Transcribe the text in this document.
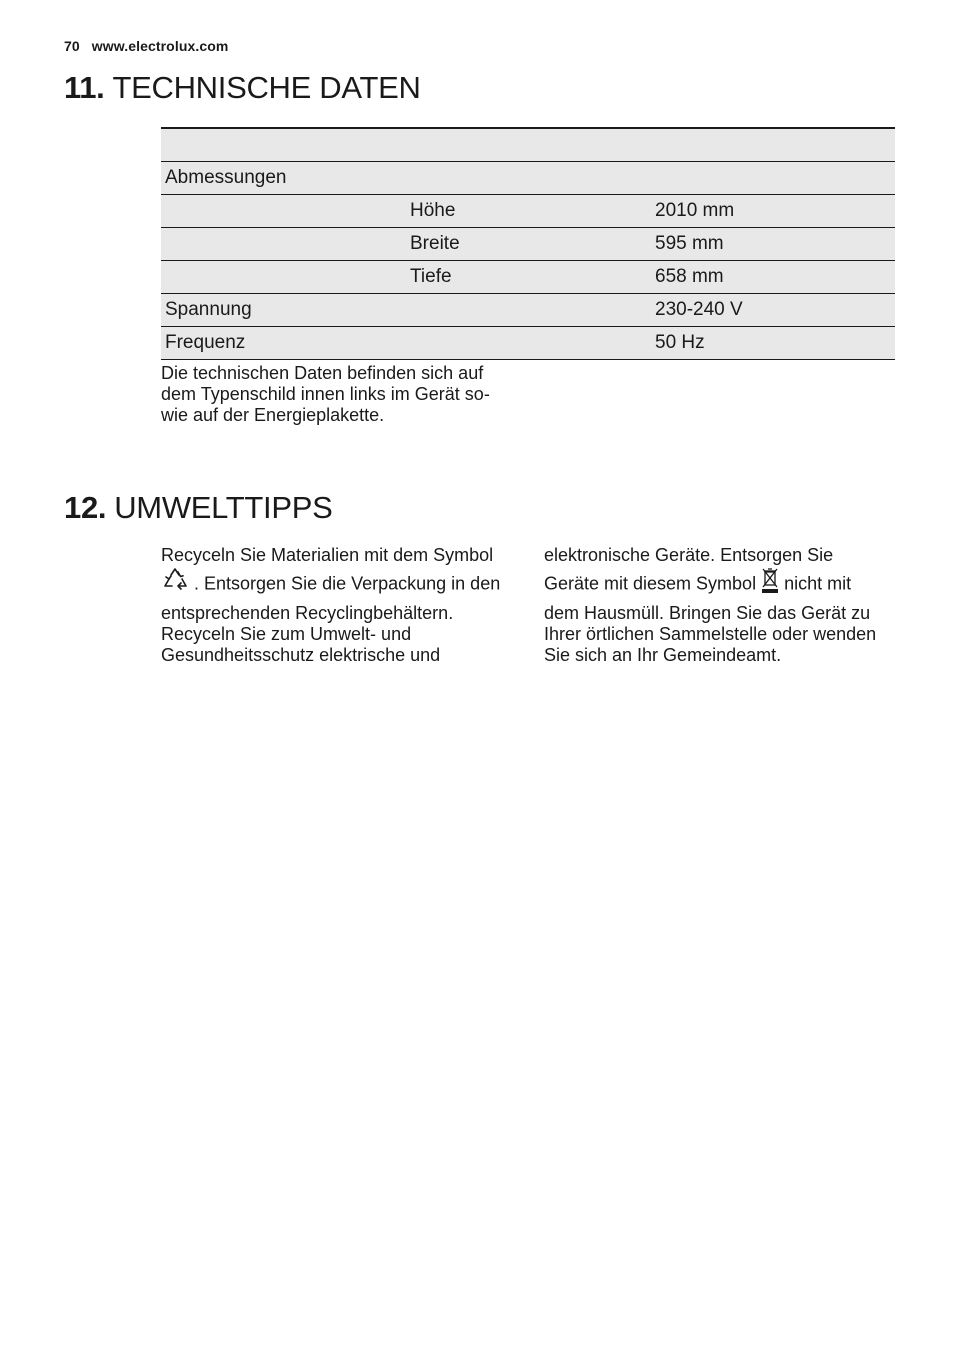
70 www.electrolux.com
11. TECHNISCHE DATEN

Abmessungen		
	Höhe	2010 mm
	Breite	595 mm
	Tiefe	658 mm
Spannung		230-240 V
Frequenz		50 Hz

Die technischen Daten befinden sich auf
dem Typenschild innen links im Gerät so-
wie auf der Energieplakette.

12. UMWELTTIPPS

Recyceln Sie Materialien mit dem Symbol

. Entsorgen Sie die Verpackung in den

entsprechenden Recyclingbehältern.

Recyceln Sie zum Umwelt- und

Gesundheitsschutz elektrische und

elektronische Geräte. Entsorgen Sie

Geräte mit diesem Symbol  nicht mit

dem Hausmüll. Bringen Sie das Gerät zu

Ihrer örtlichen Sammelstelle oder wenden

Sie sich an Ihr Gemeindeamt.
